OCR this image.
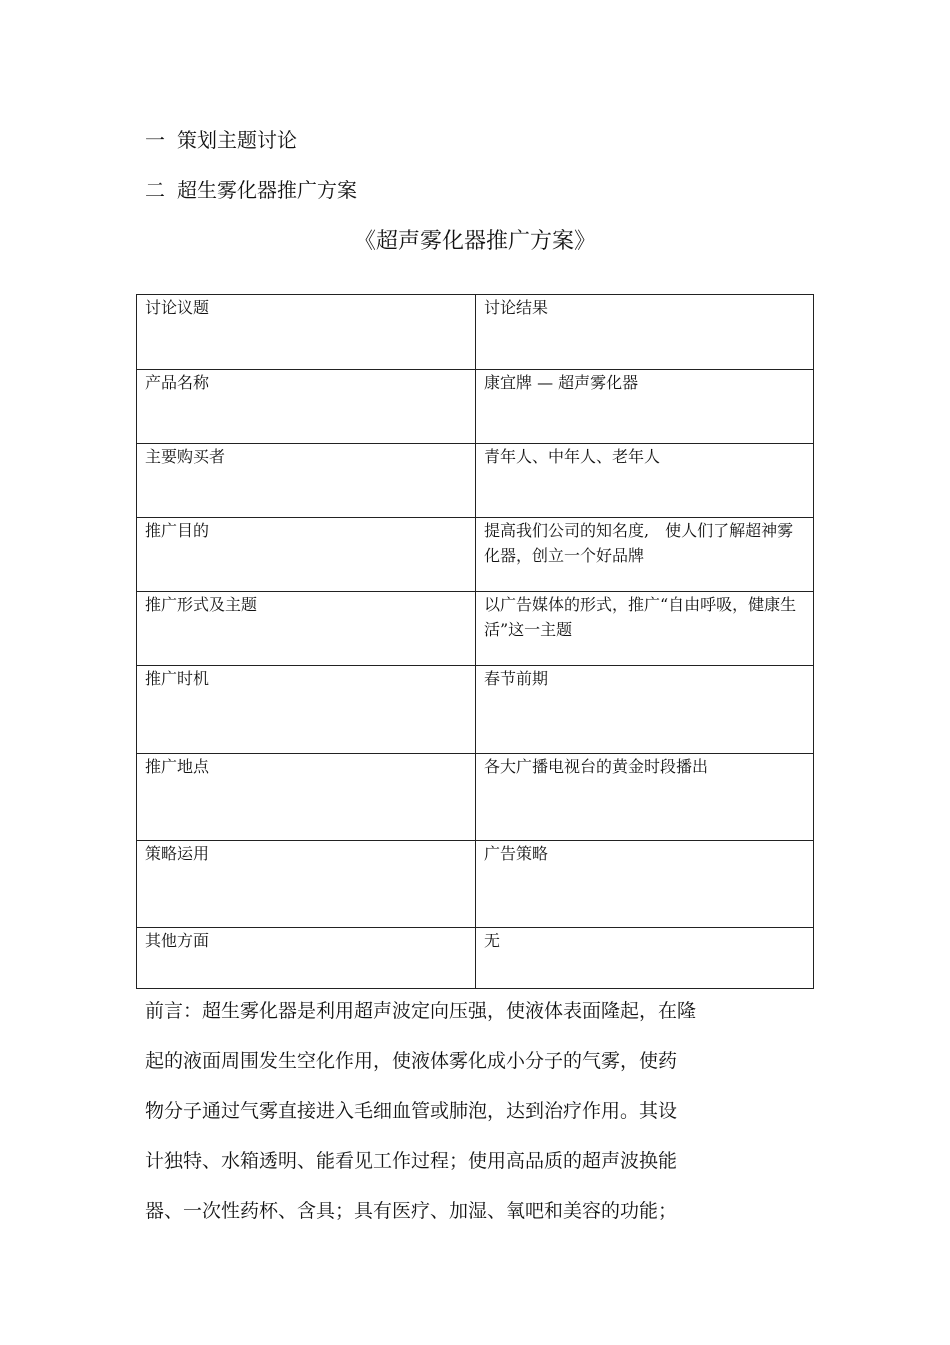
一 策划主题讨论
二 超生雾化器推广方案
《超声雾化器推广方案》
讨论议题	讨论结果
产品名称	康宜牌 — 超声雾化器
主要购买者	青年人、中年人、老年人
推广目的	提高我们公司的知名度,　使人们了解超神雾化器，创立一个好品牌
推广形式及主题	以广告媒体的形式，推广“自由呼吸，健康生活”这一主题
推广时机	春节前期
推广地点	各大广播电视台的黄金时段播出
策略运用	广告策略
其他方面	无
前言：超生雾化器是利用超声波定向压强，使液体表面隆起，在隆
起的液面周围发生空化作用，使液体雾化成小分子的气雾，使药
物分子通过气雾直接进入毛细血管或肺泡，达到治疗作用。其设
计独特、水箱透明、能看见工作过程；使用高品质的超声波换能
器、一次性药杯、含具；具有医疗、加湿、氧吧和美容的功能；
